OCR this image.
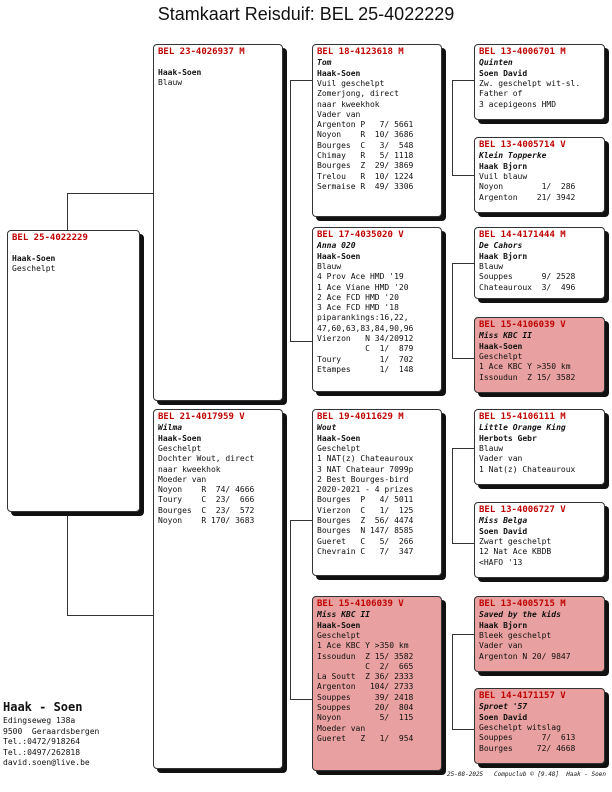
Stamkaart Reisduif: BEL 25-4022229
BEL 25-4022229
Haak-Soen
Geschelpt
BEL 23-4026937 M
Haak-Soen
Blauw
BEL 21-4017959 V
Wilma
Haak-Soen
Geschelpt
Dochter Wout, direct
naar kweekhok
Moeder van
Noyon    R  74/ 4666
Toury    C  23/  666
Bourges  C  23/  572
Noyon    R 170/ 3683
BEL 18-4123618 M
Tom
Haak-Soen
Vuil geschelpt
Zomerjong, direct
naar kweekhok
Vader van
Argenton P   7/ 5661
Noyon    R  10/ 3686
Bourges  C   3/  548
Chimay   R   5/ 1118
Bourges  Z  29/ 3869
Trelou   R  10/ 1224
Sermaise R  49/ 3306
BEL 17-4035020 V
Anna 020
Haak-Soen
Blauw
4 Prov Ace HMD '19
1 Ace Viane HMD '20
2 Ace FCD HMD '20
3 Ace FCD HMD '18
piparankings:16,22,
47,60,63,83,84,90,96
Vierzon   N 34/20912
C  1/  879
Toury        1/  702
Etampes      1/  148
BEL 19-4011629 M
Wout
Haak-Soen
Geschelpt
1 NAT(z) Chateauroux
3 NAT Chateaur 7099p
2 Best Bourges-bird
2020-2021 - 4 prizes
Bourges  P   4/ 5011
Vierzon  C   1/  125
Bourges  Z  56/ 4474
Bourges  N 147/ 8585
Gueret   C   5/  266
Chevrain C   7/  347
BEL 15-4106039 V
Miss KBC II
Haak-Soen
Geschelpt
1 Ace KBC Y >350 km
Issoudun  Z 15/ 3582
C  2/  665
La Soutt  Z 36/ 2333
Argenton   104/ 2733
Souppes     39/ 2418
Souppes     20/  804
Noyon        5/  115
Moeder van
Gueret   Z   1/  954
BEL 13-4006701 M
Quinten
Soen David
Zw. geschelpt wit-sl.
Father of
3 acepigeons HMD
BEL 13-4005714 V
Klein Topperke
Haak Bjorn
Vuil blauw
Noyon        1/  286
Argenton    21/ 3942
BEL 14-4171444 M
De Cahors
Haak Bjorn
Blauw
Souppes      9/ 2528
Chateauroux  3/  496
BEL 15-4106039 V
Miss KBC II
Haak-Soen
Geschelpt
1 Ace KBC Y >350 km
Issoudun  Z 15/ 3582
BEL 15-4106111 M
Little Orange King
Herbots Gebr
Blauw
Vader van
1 Nat(z) Chateauroux
BEL 13-4006727 V
Miss Belga
Soen David
Zwart geschelpt
12 Nat Ace KBDB
<HAFO '13
BEL 13-4005715 M
Saved by the kids
Haak Bjorn
Bleek geschelpt
Vader van
Argenton N 20/ 9847
BEL 14-4171157 V
Sproet '57
Soen David
Geschelpt witslag
Souppes      7/  613
Bourges     72/ 4668
Haak - Soen
Edingseweg 138a
9500  Geraardsbergen
Tel.:0472/918264
Tel.:0497/262818
david.soen@live.be
25-08-2025   Compuclub © [9.48]  Haak - Soen
